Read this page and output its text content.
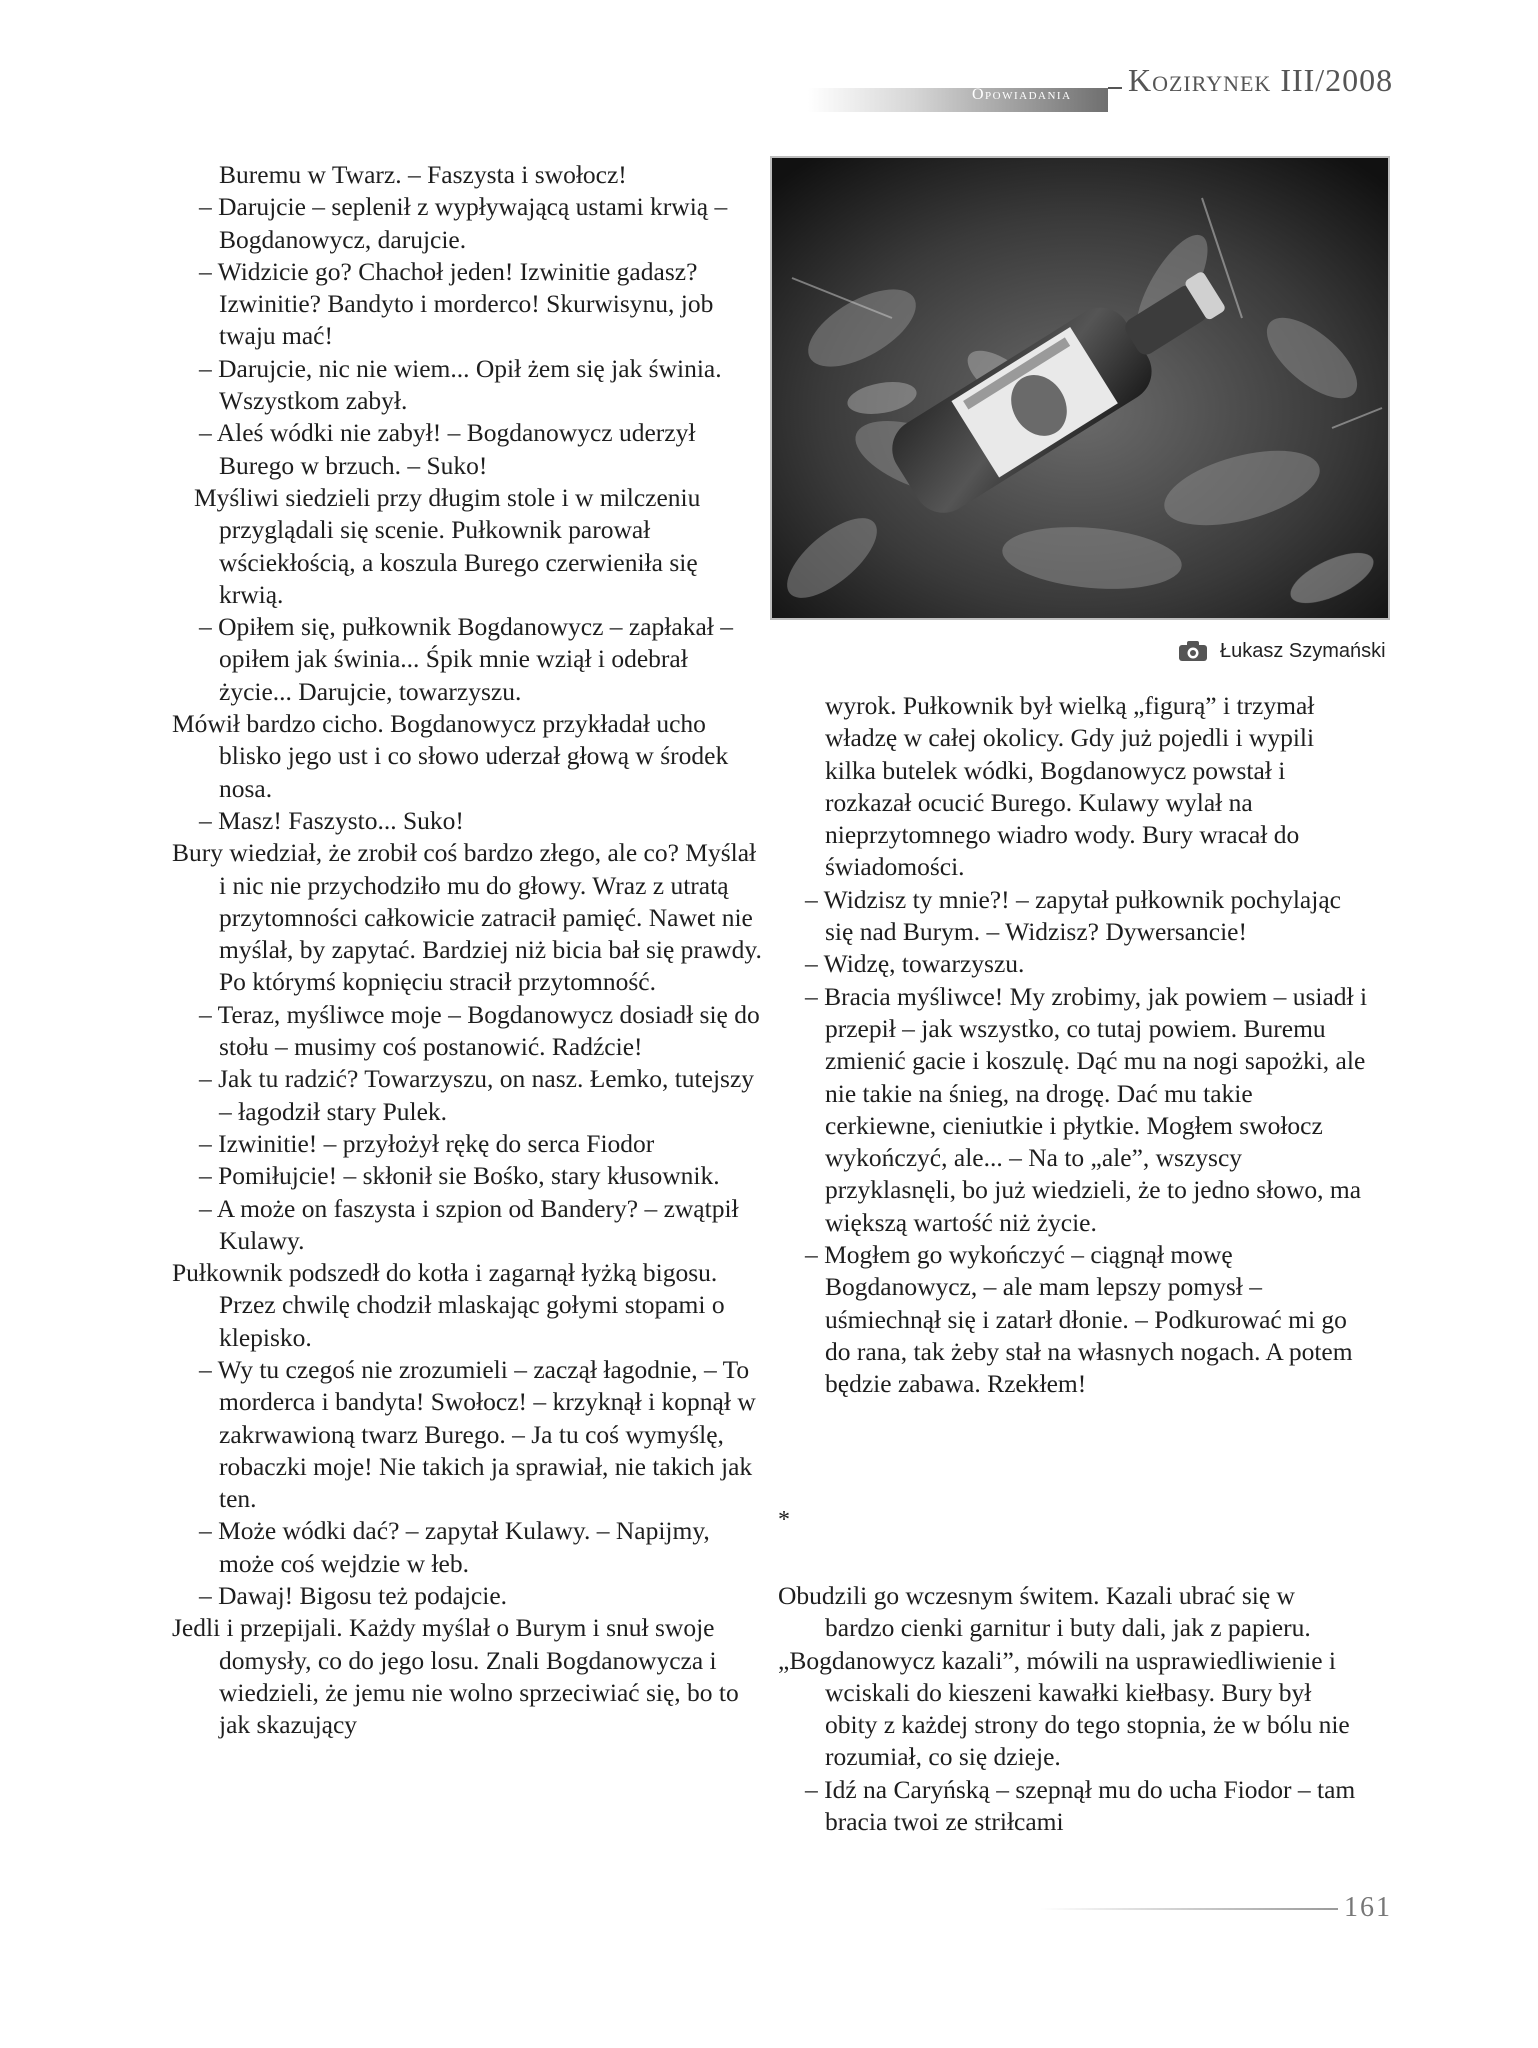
Opowiadania Kozirynek III/2008

Buremu w Twarz. – Faszysta i swołocz!

– Darujcie – seplenił z wypływającą ustami krwią – Bogdanowycz, darujcie.

– Widzicie go? Chachoł jeden! Izwinitie gadasz? Izwinitie? Bandyto i morderco! Skurwisynu, job twaju mać!

– Darujcie, nic nie wiem... Opił żem się jak świnia. Wszystkom zabył.

– Aleś wódki nie zabył! – Bogdanowycz uderzył Burego w brzuch. – Suko!

Myśliwi siedzieli przy długim stole i w milczeniu przyglądali się scenie. Pułkownik parował wściekłością, a koszula Burego czerwieniła się krwią.

– Opiłem się, pułkownik Bogdanowycz – zapłakał – opiłem jak świnia... Śpik mnie wziął i odebrał życie... Darujcie, towarzyszu.

Mówił bardzo cicho. Bogdanowycz przykładał ucho blisko jego ust i co słowo uderzał głową w środek nosa.

– Masz! Faszysto... Suko!

Bury wiedział, że zrobił coś bardzo złego, ale co? Myślał i nic nie przychodziło mu do głowy. Wraz z utratą przytomności całkowicie zatracił pamięć. Nawet nie myślał, by zapytać. Bardziej niż bicia bał się prawdy. Po którymś kopnięciu stracił przytomność.

– Teraz, myśliwce moje – Bogdanowycz dosiadł się do stołu – musimy coś postanowić. Radźcie!

– Jak tu radzić? Towarzyszu, on nasz. Łemko, tutejszy – łagodził stary Pulek.

– Izwinitie! – przyłożył rękę do serca Fiodor

– Pomiłujcie! – skłonił sie Bośko, stary kłusownik.

– A może on faszysta i szpion od Bandery? – zwątpił Kulawy.

Pułkownik podszedł do kotła i zagarnął łyżką bigosu. Przez chwilę chodził mlaskając gołymi stopami o klepisko.

– Wy tu czegoś nie zrozumieli – zaczął łagodnie, – To morderca i bandyta! Swołocz! – krzyknął i kopnął w zakrwawioną twarz Burego. – Ja tu coś wymyślę, robaczki moje! Nie takich ja sprawiał, nie takich jak ten.

– Może wódki dać? – zapytał Kulawy. – Napijmy, może coś wejdzie w łeb.

– Dawaj! Bigosu też podajcie.

Jedli i przepijali. Każdy myślał o Burym i snuł swoje domysły, co do jego losu. Znali Bogdanowycza i wiedzieli, że jemu nie wolno sprzeciwiać się, bo to jak skazujący

Łukasz Szymański

wyrok. Pułkownik był wielką „figurą” i trzymał władzę w całej okolicy. Gdy już pojedli i wypili kilka butelek wódki, Bogdanowycz powstał i rozkazał ocucić Burego. Kulawy wylał na nieprzytomnego wiadro wody. Bury wracał do świadomości.

– Widzisz ty mnie?! – zapytał pułkownik pochylając się nad Burym. – Widzisz? Dywersancie!

– Widzę, towarzyszu.

– Bracia myśliwce! My zrobimy, jak powiem – usiadł i przepił – jak wszystko, co tutaj powiem. Buremu zmienić gacie i koszulę. Dąć mu na nogi sapożki, ale nie takie na śnieg, na drogę. Dać mu takie cerkiewne, cieniutkie i płytkie. Mogłem swołocz wykończyć, ale... – Na to „ale”, wszyscy przyklasnęli, bo już wiedzieli, że to jedno słowo, ma większą wartość niż życie.

– Mogłem go wykończyć – ciągnął mowę Bogdanowycz, – ale mam lepszy pomysł – uśmiechnął się i zatarł dłonie. – Podkurować mi go do rana, tak żeby stał na własnych nogach. A potem będzie zabawa. Rzekłem!

*

Obudzili go wczesnym świtem. Kazali ubrać się w bardzo cienki garnitur i buty dali, jak z papieru.

„Bogdanowycz kazali”, mówili na usprawiedliwienie i wciskali do kieszeni kawałki kiełbasy. Bury był obity z każdej strony do tego stopnia, że w bólu nie rozumiał, co się dzieje.

– Idź na Caryńską – szepnął mu do ucha Fiodor – tam bracia twoi ze striłcami

161
